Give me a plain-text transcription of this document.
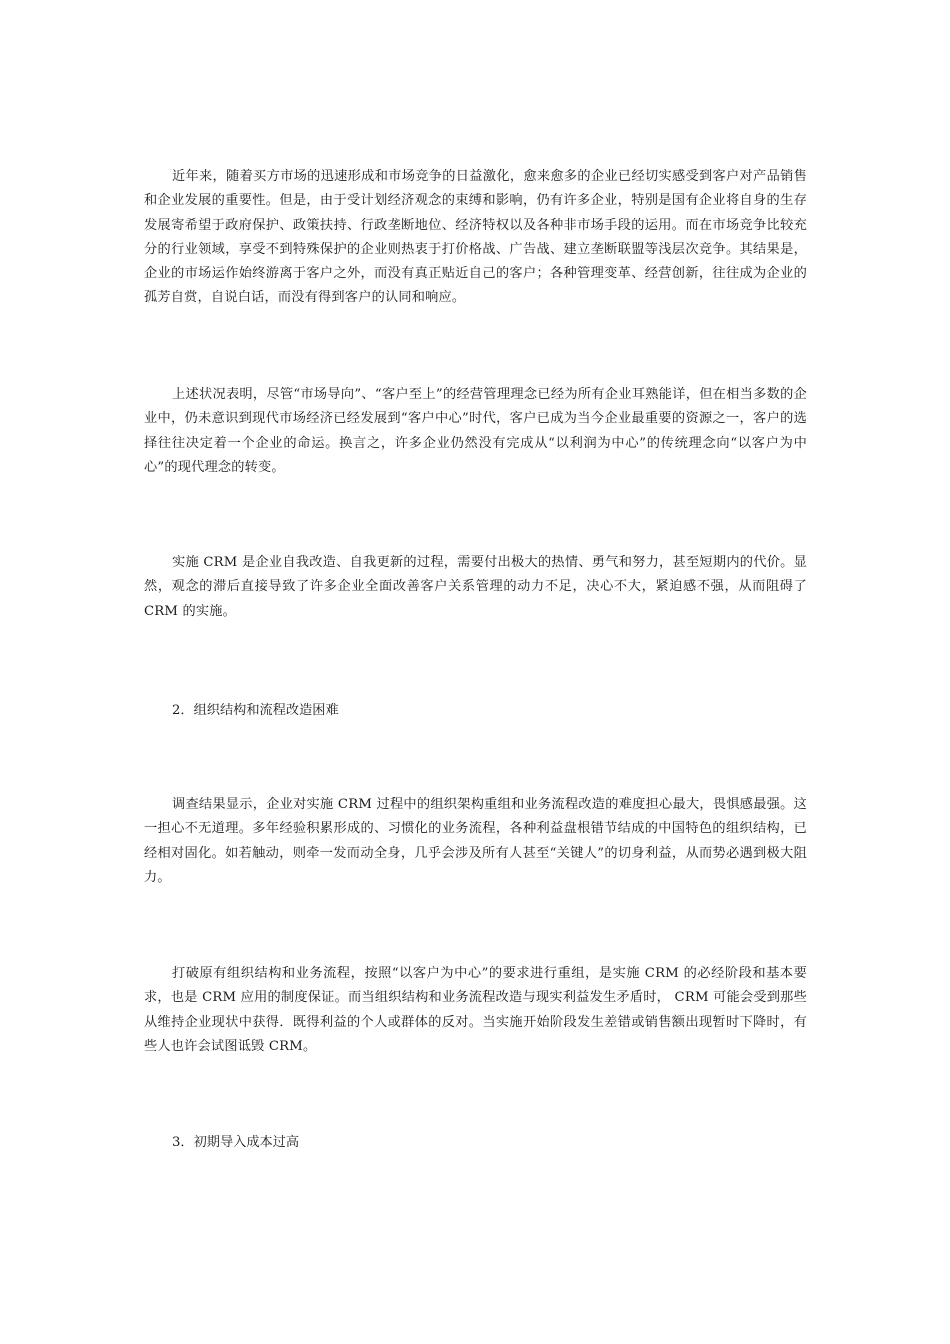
近年来，随着买方市场的迅速形成和市场竞争的日益激化，愈来愈多的企业已经切实感受到客户对产品销售和企业发展的重要性。但是，由于受计划经济观念的束缚和影响，仍有许多企业，特别是国有企业将自身的生存发展寄希望于政府保护、政策扶持、行政垄断地位、经济特权以及各种非市场手段的运用。而在市场竞争比较充分的行业领域，享受不到特殊保护的企业则热衷于打价格战、广告战、建立垄断联盟等浅层次竞争。其结果是，企业的市场运作始终游离于客户之外，而没有真正贴近自己的客户；各种管理变革、经营创新，往往成为企业的孤芳自赏，自说白话，而没有得到客户的认同和响应。

上述状况表明，尽管“市场导向”、“客户至上”的经营管理理念已经为所有企业耳熟能详，但在相当多数的企业中，仍未意识到现代市场经济已经发展到“客户中心”时代，客户已成为当今企业最重要的资源之一，客户的选择往往决定着一个企业的命运。换言之，许多企业仍然没有完成从“以利润为中心”的传统理念向“以客户为中心”的现代理念的转变。

实施 CRM 是企业自我改造、自我更新的过程，需要付出极大的热情、勇气和努力，甚至短期内的代价。显然，观念的滞后直接导致了许多企业全面改善客户关系管理的动力不足，决心不大，紧迫感不强，从而阻碍了 CRM 的实施。

2．组织结构和流程改造困难

调查结果显示，企业对实施 CRM 过程中的组织架构重组和业务流程改造的难度担心最大，畏惧感最强。这一担心不无道理。多年经验积累形成的、习惯化的业务流程，各种利益盘根错节结成的中国特色的组织结构，已经相对固化。如若触动，则牵一发而动全身，几乎会涉及所有人甚至“关键人”的切身利益，从而势必遇到极大阻力。

打破原有组织结构和业务流程，按照“以客户为中心”的要求进行重组，是实施 CRM 的必经阶段和基本要求，也是 CRM 应用的制度保证。而当组织结构和业务流程改造与现实利益发生矛盾时， CRM 可能会受到那些从维持企业现状中获得．既得利益的个人或群体的反对。当实施开始阶段发生差错或销售额出现暂时下降时，有些人也许会试图诋毁 CRM。

3．初期导入成本过高
